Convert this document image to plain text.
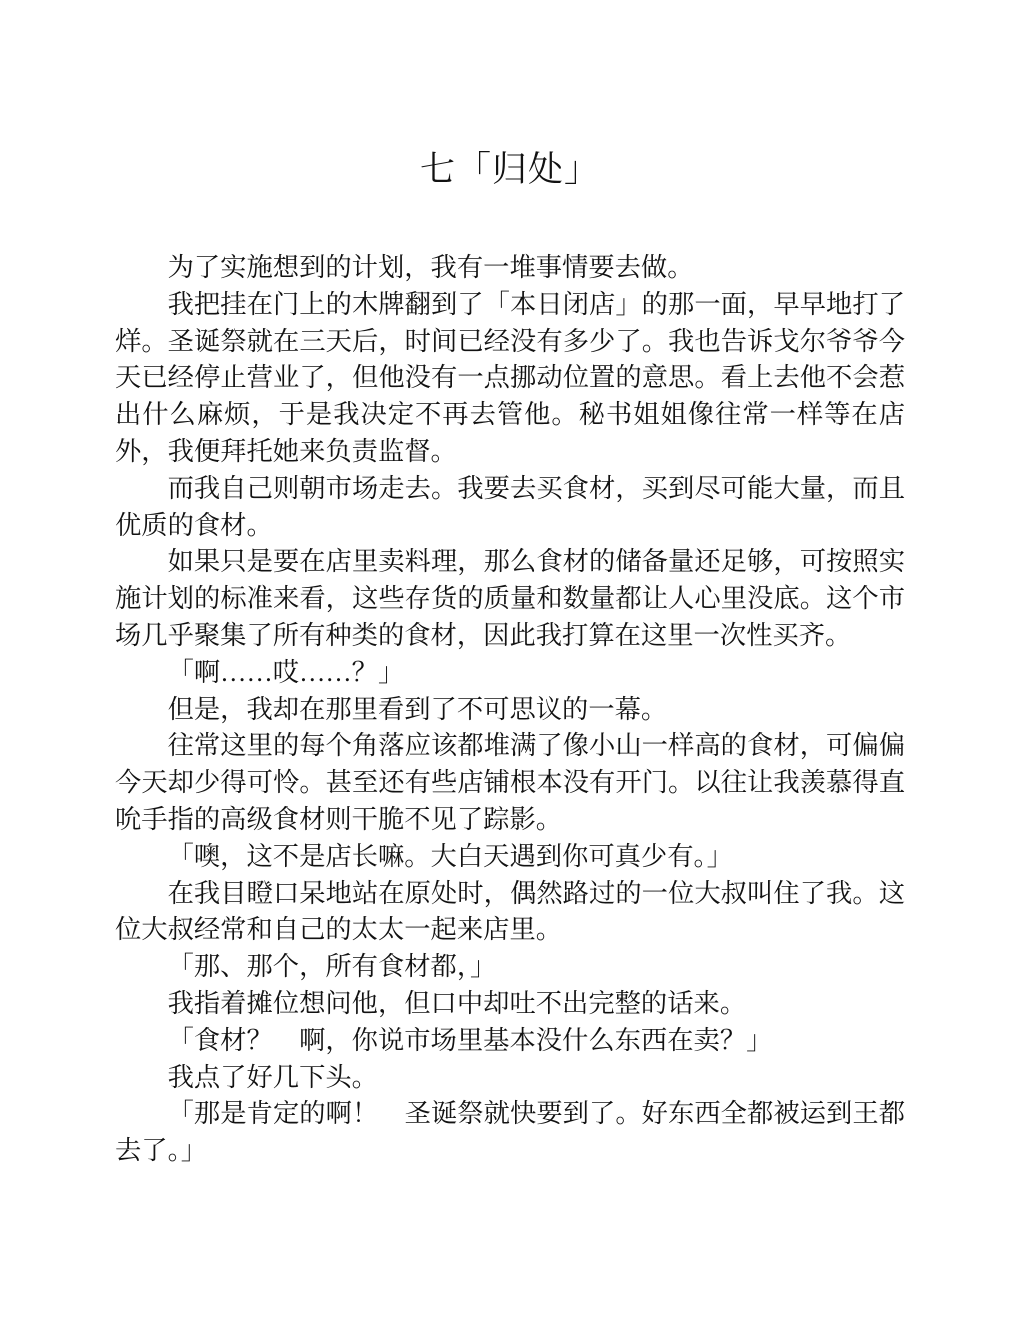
七「归处」

为了实施想到的计划，我有一堆事情要去做。

我把挂在门上的木牌翻到了「本日闭店」的那一面，早早地打了烊。圣诞祭就在三天后，时间已经没有多少了。我也告诉戈尔爷爷今天已经停止营业了，但他没有一点挪动位置的意思。看上去他不会惹出什么麻烦，于是我决定不再去管他。秘书姐姐像往常一样等在店外，我便拜托她来负责监督。

而我自己则朝市场走去。我要去买食材，买到尽可能大量，而且优质的食材。

如果只是要在店里卖料理，那么食材的储备量还足够，可按照实施计划的标准来看，这些存货的质量和数量都让人心里没底。这个市场几乎聚集了所有种类的食材，因此我打算在这里一次性买齐。

「啊……哎……？」

但是，我却在那里看到了不可思议的一幕。

往常这里的每个角落应该都堆满了像小山一样高的食材，可偏偏今天却少得可怜。甚至还有些店铺根本没有开门。以往让我羡慕得直吮手指的高级食材则干脆不见了踪影。

「噢，这不是店长嘛。大白天遇到你可真少有。」

在我目瞪口呆地站在原处时，偶然路过的一位大叔叫住了我。这位大叔经常和自己的太太一起来店里。

「那、那个，所有食材都，」

我指着摊位想问他，但口中却吐不出完整的话来。

「食材？　啊，你说市场里基本没什么东西在卖？」

我点了好几下头。

「那是肯定的啊！　圣诞祭就快要到了。好东西全都被运到王都去了。」
